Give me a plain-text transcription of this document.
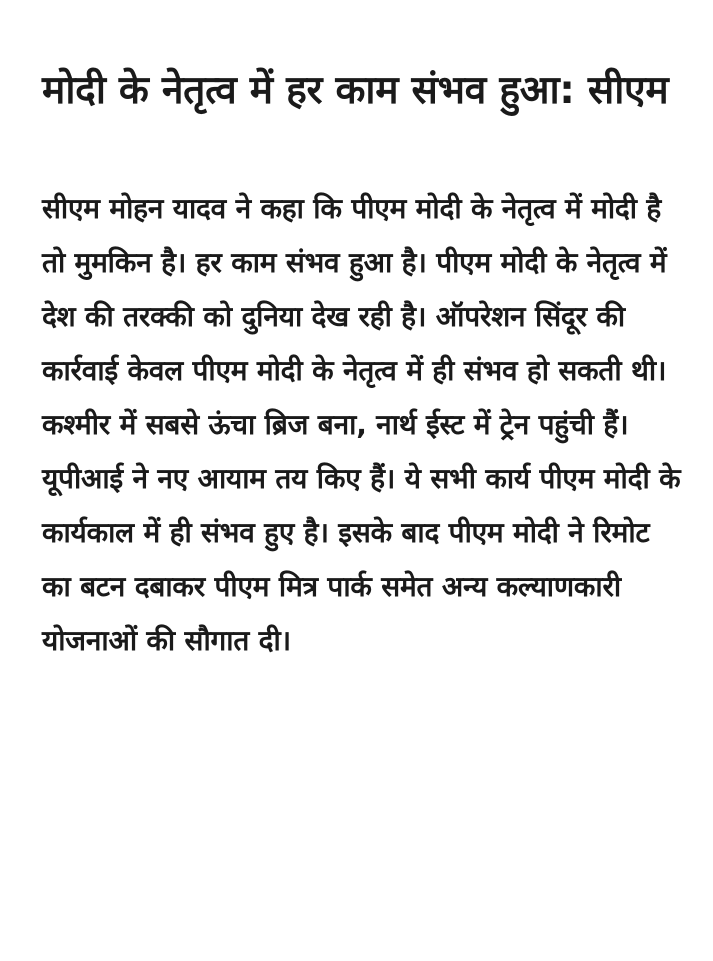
मोदी के नेतृत्व में हर काम संभव हुआ: सीएम

सीएम मोहन यादव ने कहा कि पीएम मोदी के नेतृत्व में मोदी है तो मुमकिन है। हर काम संभव हुआ है। पीएम मोदी के नेतृत्व में देश की तरक्की को दुनिया देख रही है। ऑपरेशन सिंदूर की कार्रवाई केवल पीएम मोदी के नेतृत्व में ही संभव हो सकती थी। कश्मीर में सबसे ऊंचा ब्रिज बना, नार्थ ईस्ट में ट्रेन पहुंची हैं। यूपीआई ने नए आयाम तय किए हैं। ये सभी कार्य पीएम मोदी के कार्यकाल में ही संभव हुए है। इसके बाद पीएम मोदी ने रिमोट का बटन दबाकर पीएम मित्र पार्क समेत अन्य कल्याणकारी योजनाओं की सौगात दी।
